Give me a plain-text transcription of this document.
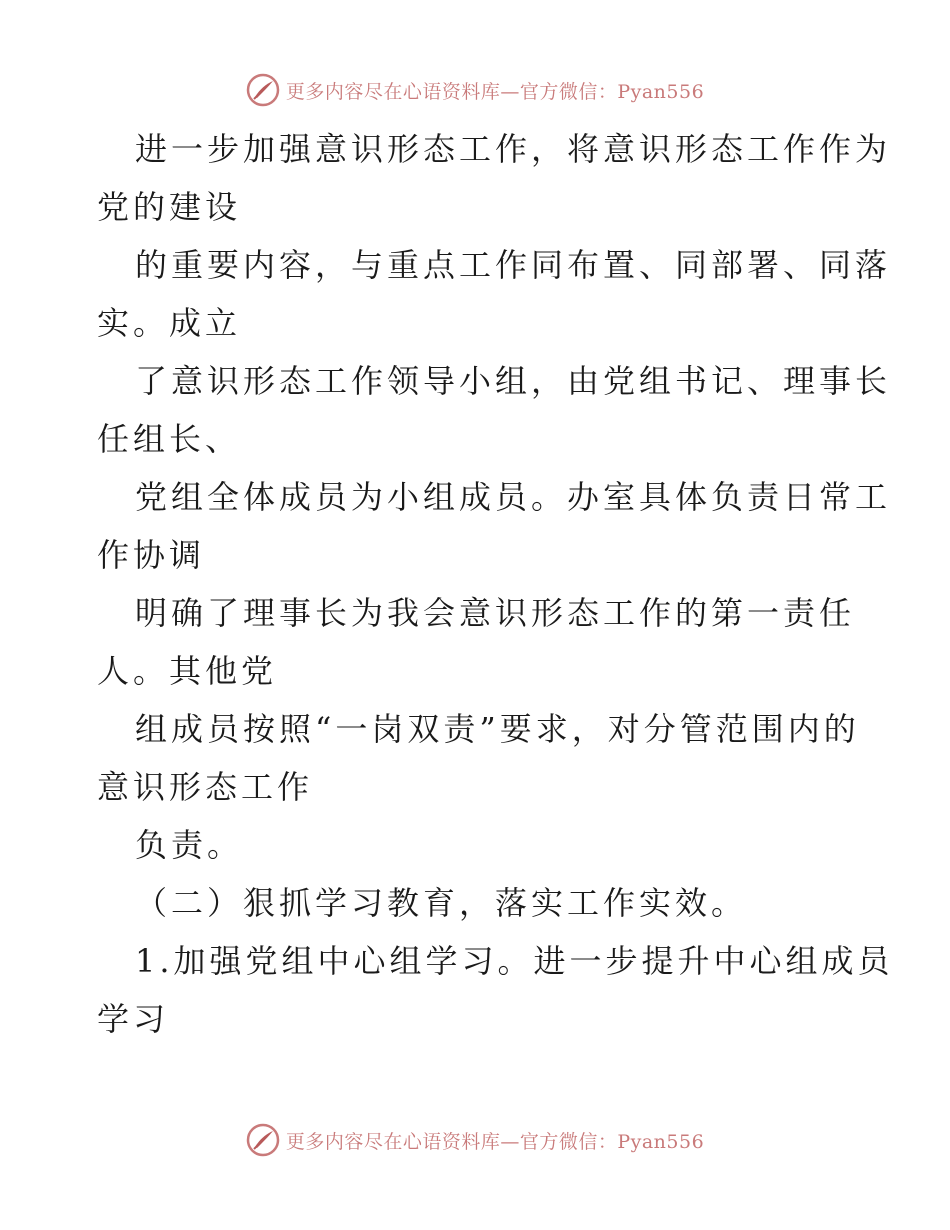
更多内容尽在心语资料库—官方微信：Pyan556
进一步加强意识形态工作，将意识形态工作作为
党的建设
的重要内容，与重点工作同布置、同部署、同落
实。成立
了意识形态工作领导小组，由党组书记、理事长
任组长、
党组全体成员为小组成员。办室具体负责日常工
作协调
明确了理事长为我会意识形态工作的第一责任
人。其他党
组成员按照“一岗双责”要求，对分管范围内的
意识形态工作
负责。
（二）狠抓学习教育，落实工作实效。
1.加强党组中心组学习。进一步提升中心组成员
学习
更多内容尽在心语资料库—官方微信：Pyan556
